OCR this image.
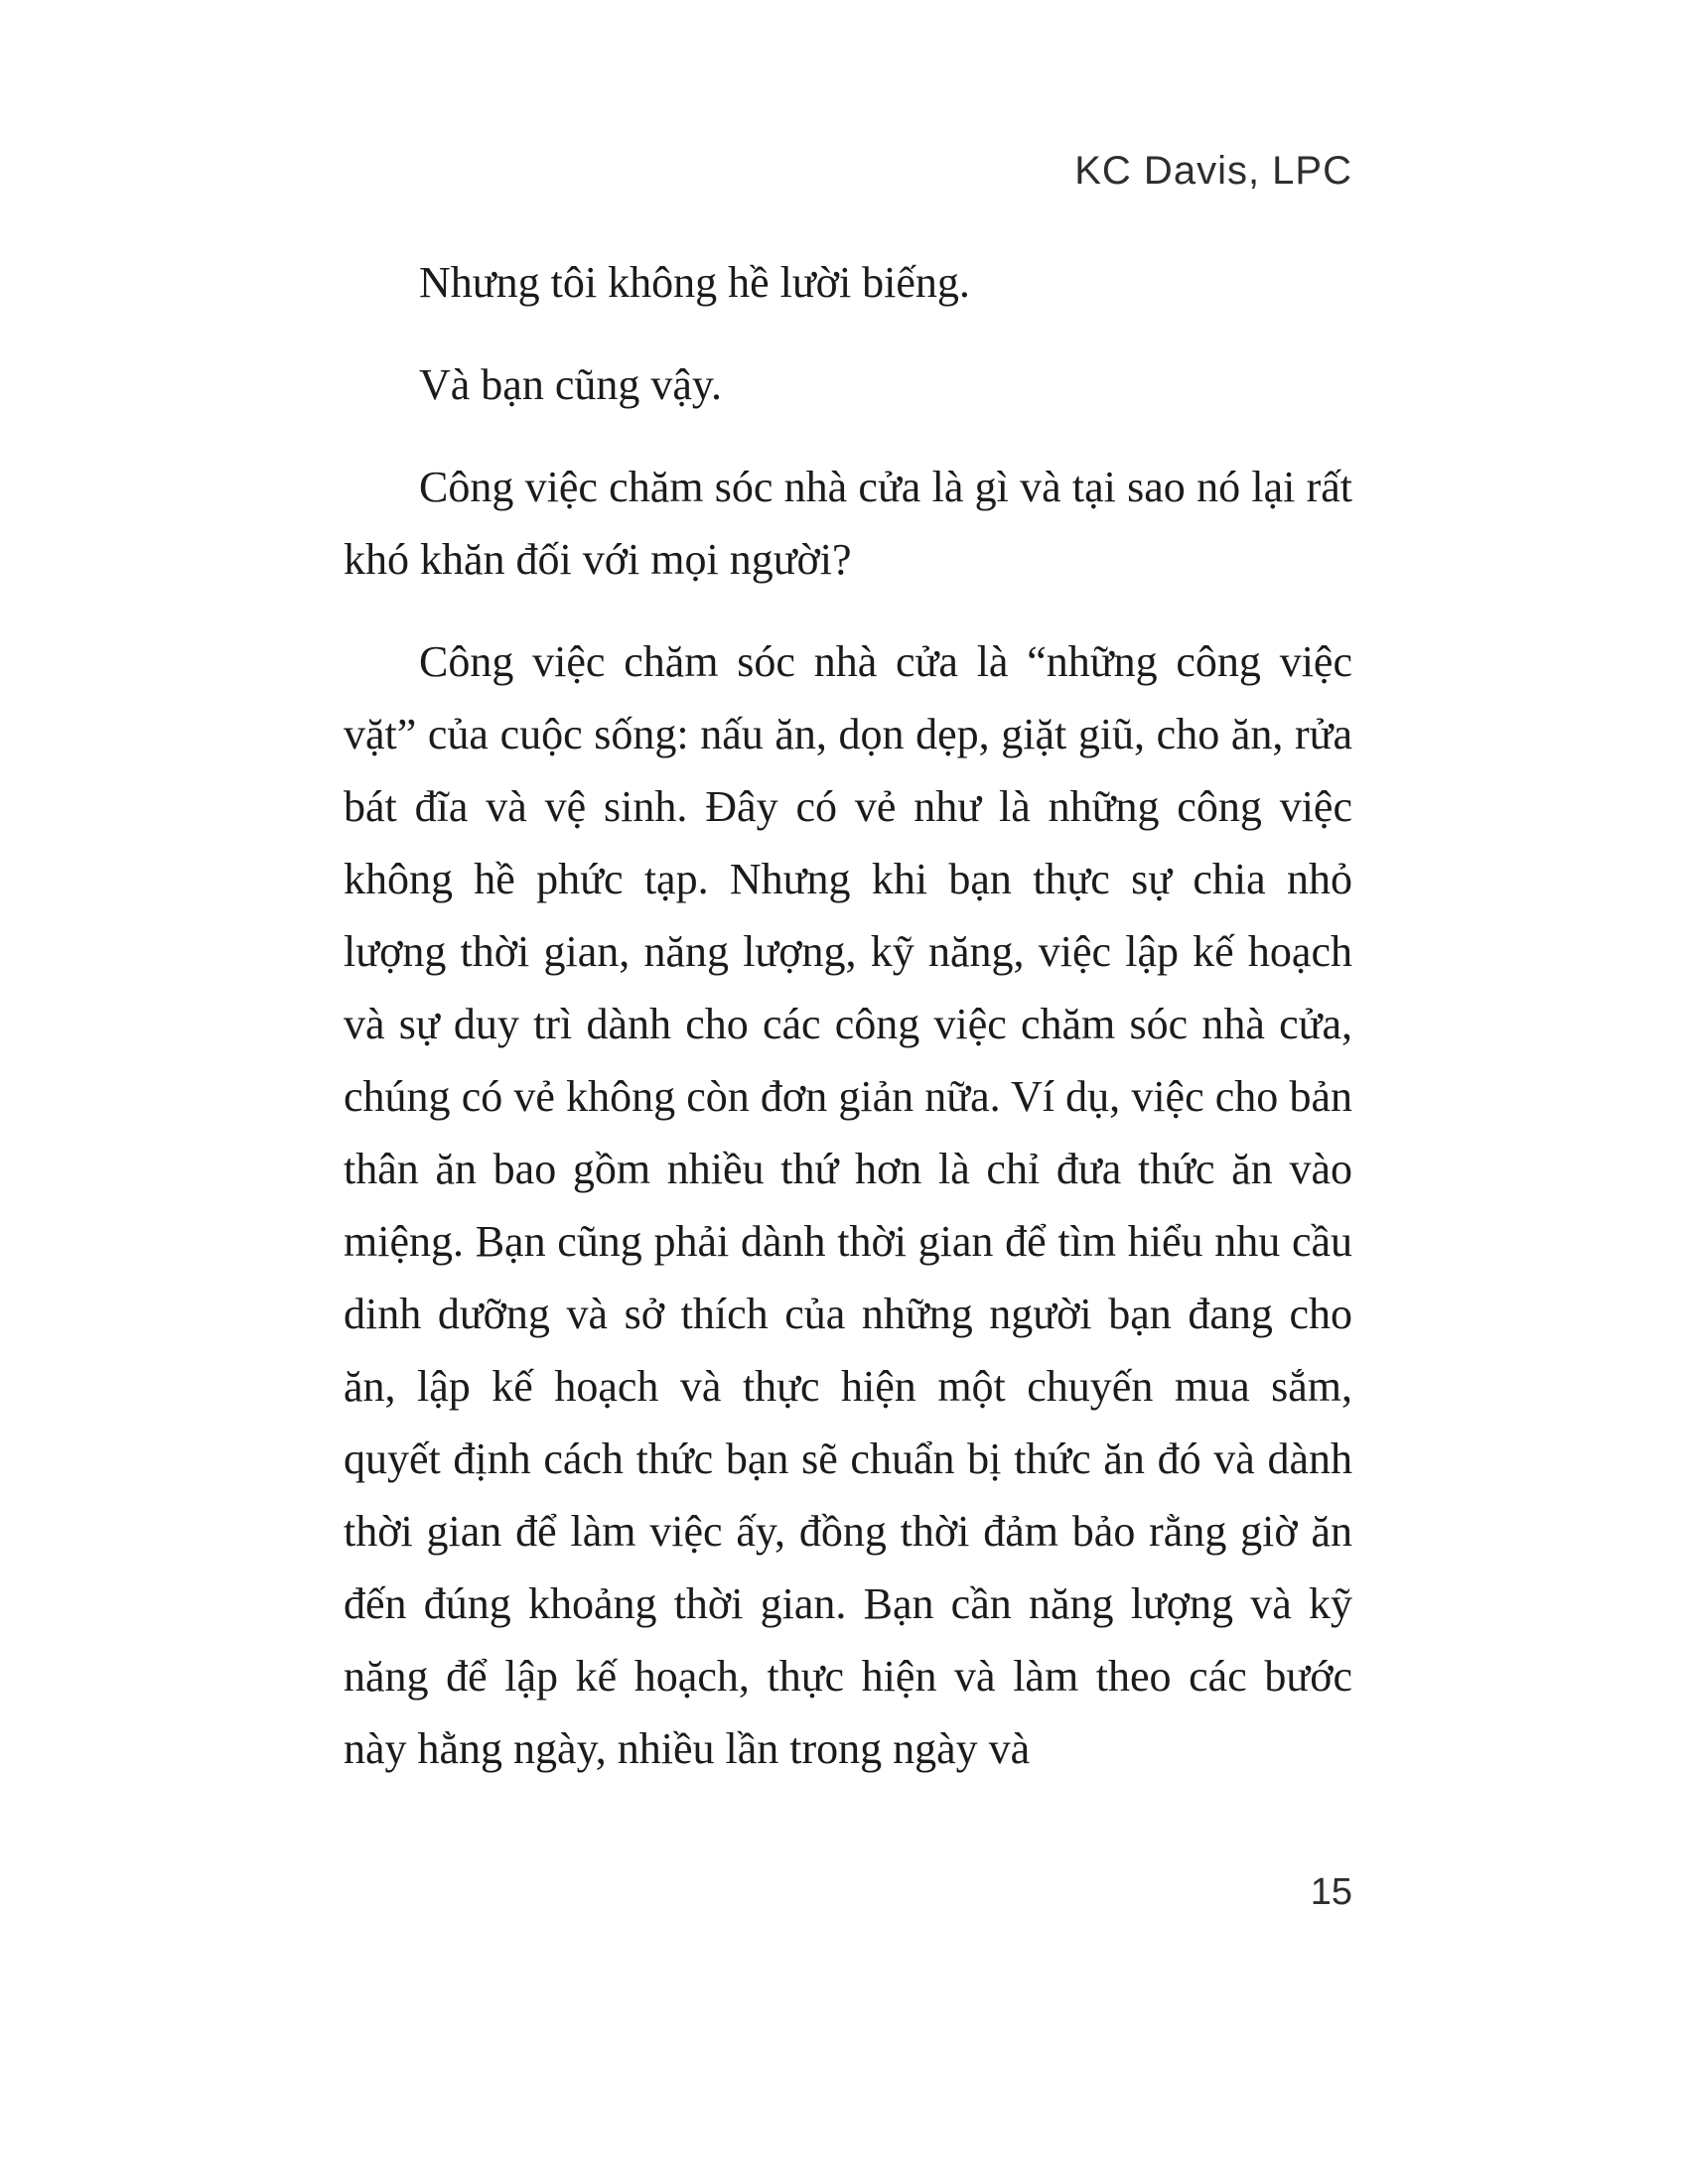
KC Davis, LPC

Nhưng tôi không hề lười biếng.

Và bạn cũng vậy.

Công việc chăm sóc nhà cửa là gì và tại sao nó lại rất khó khăn đối với mọi người?

Công việc chăm sóc nhà cửa là “những công việc vặt” của cuộc sống: nấu ăn, dọn dẹp, giặt giũ, cho ăn, rửa bát đĩa và vệ sinh. Đây có vẻ như là những công việc không hề phức tạp. Nhưng khi bạn thực sự chia nhỏ lượng thời gian, năng lượng, kỹ năng, việc lập kế hoạch và sự duy trì dành cho các công việc chăm sóc nhà cửa, chúng có vẻ không còn đơn giản nữa. Ví dụ, việc cho bản thân ăn bao gồm nhiều thứ hơn là chỉ đưa thức ăn vào miệng. Bạn cũng phải dành thời gian để tìm hiểu nhu cầu dinh dưỡng và sở thích của những người bạn đang cho ăn, lập kế hoạch và thực hiện một chuyến mua sắm, quyết định cách thức bạn sẽ chuẩn bị thức ăn đó và dành thời gian để làm việc ấy, đồng thời đảm bảo rằng giờ ăn đến đúng khoảng thời gian. Bạn cần năng lượng và kỹ năng để lập kế hoạch, thực hiện và làm theo các bước này hằng ngày, nhiều lần trong ngày và

15
